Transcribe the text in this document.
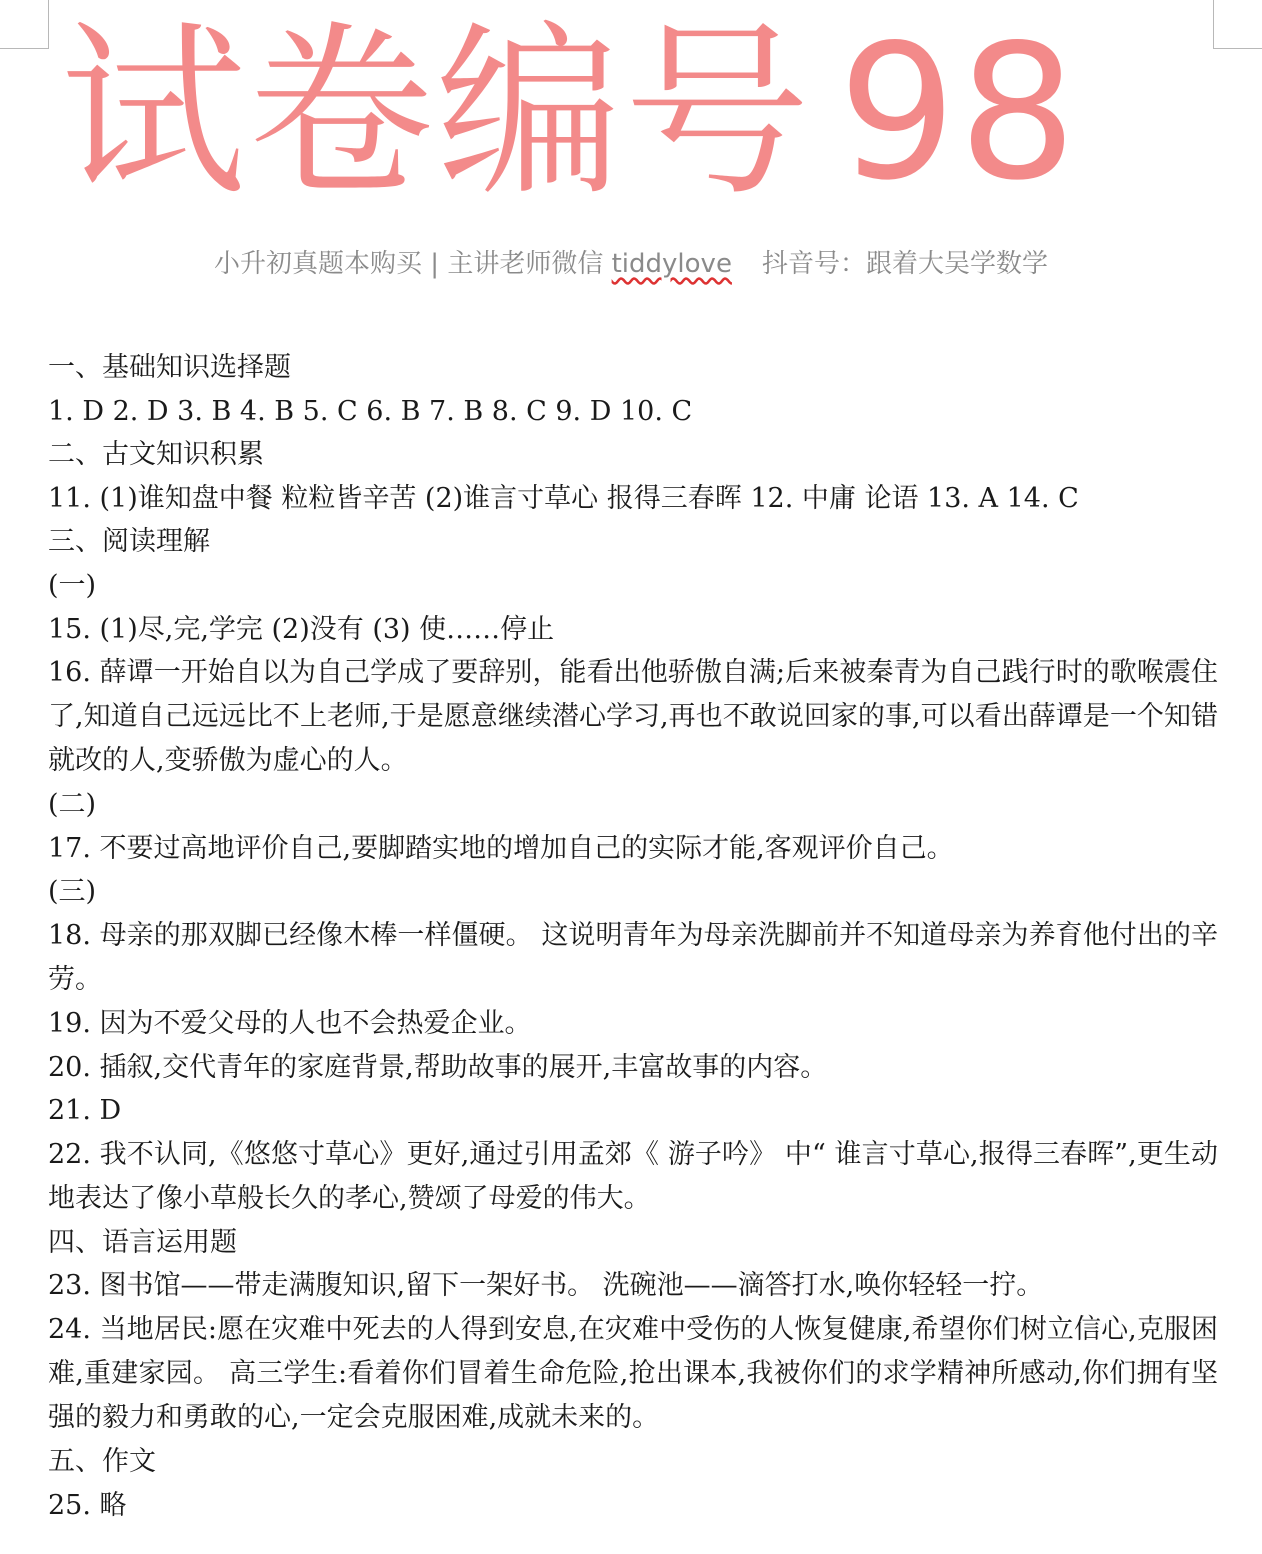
试卷编号 98
小升初真题本购买 | 主讲老师微信 tiddylove 抖音号：跟着大吴学数学
一、基础知识选择题
1. D 2. D 3. B 4. B 5. C 6. B 7. B 8. C 9. D 10. C
二、古文知识积累
11. (1)谁知盘中餐 粒粒皆辛苦 (2)谁言寸草心 报得三春晖 12. 中庸 论语 13. A 14. C
三、阅读理解
(一)
15. (1)尽,完,学完 (2)没有 (3) 使……停止
16. 薛谭一开始自以为自己学成了要辞别，能看出他骄傲自满;后来被秦青为自己践行时的歌喉震住了,知道自己远远比不上老师,于是愿意继续潜心学习,再也不敢说回家的事,可以看出薛谭是一个知错就改的人,变骄傲为虚心的人。
(二)
17. 不要过高地评价自己,要脚踏实地的增加自己的实际才能,客观评价自己。
(三)
18. 母亲的那双脚已经像木棒一样僵硬。 这说明青年为母亲洗脚前并不知道母亲为养育他付出的辛劳。
19. 因为不爱父母的人也不会热爱企业。
20. 插叙,交代青年的家庭背景,帮助故事的展开,丰富故事的内容。
21. D
22. 我不认同,《悠悠寸草心》更好,通过引用孟郊《 游子吟》 中“ 谁言寸草心,报得三春晖”,更生动地表达了像小草般长久的孝心,赞颂了母爱的伟大。
四、语言运用题
23. 图书馆——带走满腹知识,留下一架好书。 洗碗池——滴答打水,唤你轻轻一拧。
24. 当地居民:愿在灾难中死去的人得到安息,在灾难中受伤的人恢复健康,希望你们树立信心,克服困难,重建家园。 高三学生:看着你们冒着生命危险,抢出课本,我被你们的求学精神所感动,你们拥有坚强的毅力和勇敢的心,一定会克服困难,成就未来的。
五、作文
25. 略
